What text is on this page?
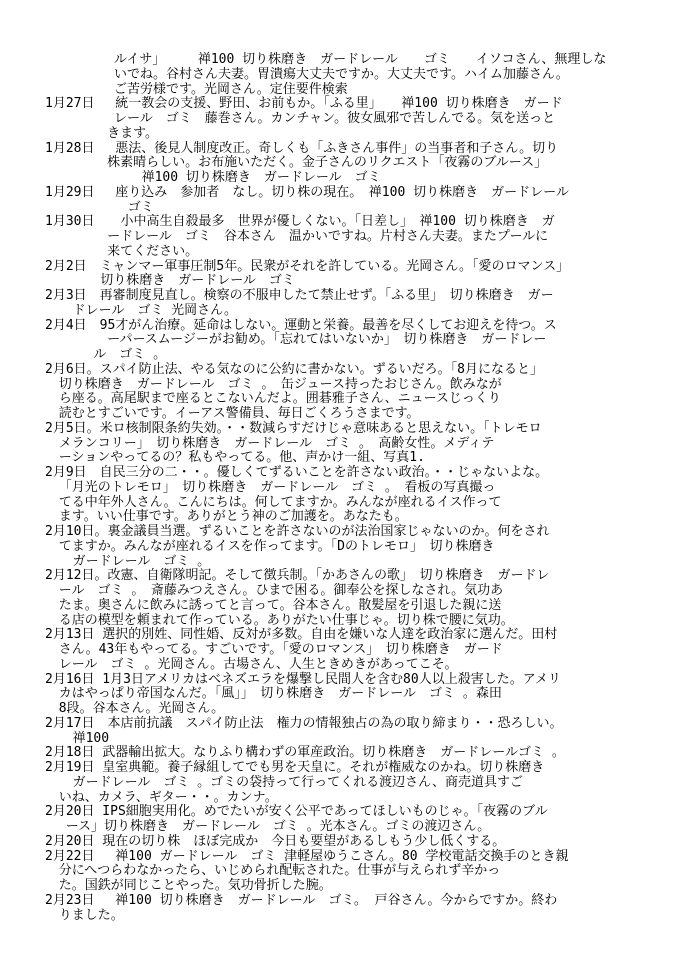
ルイサ」　　　禅100 切り株磨き　ガードレール　　ゴミ　　イソコさん、無理しな
いでね。谷村さん夫妻。胃潰瘍大丈夫ですか。大丈夫です。ハイム加藤さん。
ご苦労様です。光岡さん。定住要件検索
1月27日　 統一教会の支援、野田、お前もか。「ふる里」　　禅100 切り株磨き　ガード
レール　ゴミ　藤巻さん。カンチャン。彼女風邪で苦しんでる。気を送っと
きます。
1月28日　 悪法、後見人制度改正。奇しくも「ふきさん事件」の当事者和子さん。切り
株素晴らしい。お布施いただく。金子さんのリクエスト「夜霧のブルース」
禅100 切り株磨き　ガードレール　ゴミ
1月29日　 座り込み　参加者　なし。切り株の現在。　禅100 切り株磨き　ガードレール
ゴミ
1月30日　　小中高生自殺最多　世界が優しくない。「日差し」　禅100 切り株磨き　ガ
ードレール　ゴミ　谷本さん　温かいですね。片村さん夫妻。またプールに
来てください。
2月2日　ミャンマー軍事圧制5年。民衆がそれを許している。光岡さん。「愛のロマンス」
切り株磨き　ガードレール　ゴミ
2月3日　再審制度見直し。検察の不服申したて禁止せず。「ふる里」　切り株磨き　ガー
ドレール　ゴミ 光岡さん。
2月4日　95才がん治療。延命はしない。運動と栄養。最善を尽くしてお迎えを待つ。ス
ーパースムージーがお勧め。「忘れてはいないか」　切り株磨き　ガードレー
ル　ゴミ 。
2月6日。スパイ防止法、やる気なのに公約に書かない。ずるいだろ。「8月になると」
切り株磨き　ガードレール　ゴミ 。　缶ジュース持ったおじさん。飲みなが
ら座る。高尾駅まで座るとこないんだよ。囲碁雅子さん、ニュースじっくり
読むとすごいです。イーアス警備員、毎日ごくろうさまです。
2月5日。米ロ核制限条約失効。・・数減らすだけじゃ意味あると思えない。「トレモロ
メランコリー」　切り株磨き　ガードレール　ゴミ 。　高齢女性。メディテ
ーションやってるの？私もやってる。他、声かけ一組、写真1.
2月9日　自民三分の二・・。優しくてずるいことを許さない政治。・・じゃないよな。
「月光のトレモロ」　切り株磨き　ガードレール　ゴミ 。　看板の写真撮っ
てる中年外人さん。こんにちは。何してますか。みんなが座れるイス作って
ます。いい仕事です。ありがとう神のご加護を。あなたも。
2月10日。裏金議員当選。ずるいことを許さないのが法治国家じゃないのか。何をされ
てますか。みんなが座れるイスを作ってます。「Dのトレモロ」　切り株磨き
ガードレール　ゴミ 。
2月12日。改憲、自衛隊明記。そして徴兵制。「かあさんの歌」　切り株磨き　ガードレ
ール　ゴミ 。　斎藤みつえさん。ひまで困る。御奉公を探しなされ。気功あ
たま。奥さんに飲みに誘ってと言って。谷本さん。散髪屋を引退した親に送
る店の模型を頼まれて作っている。ありがたい仕事じゃ。切り株で腰に気功。
2月13日 選択的別姓、同性婚、反対が多数。自由を嫌いな人達を政治家に選んだ。田村
さん。43年もやってる。すごいです。「愛のロマンス」　切り株磨き　ガード
レール　ゴミ 。光岡さん。古場さん、人生ときめきがあってこそ。
2月16日 1月3日アメリカはベネズエラを爆撃し民間人を含む80人以上殺害した。アメリ
カはやっぱり帝国なんだ。「風」」　切り株磨き　ガードレール　ゴミ 。森田
8段。谷本さん。光岡さん。
2月17日　本店前抗議　スパイ防止法　権力の情報独占の為の取り締まり・・恐ろしい。
禅100
2月18日 武器輸出拡大。なりふり構わずの軍産政治。切り株磨き　ガードレールゴミ 。
2月19日 皇室典範。養子縁組してでも男を天皇に。それが権威なのかね。切り株磨き
ガードレール　ゴミ 。ゴミの袋持って行ってくれる渡辺さん、商売道具すご
いね、カメラ、ギター・・。カンナ。
2月20日 IPS細胞実用化。めでたいが安く公平であってほしいものじゃ。「夜霧のブル
ース」切り株磨き　ガードレール　ゴミ 。光本さん。ゴミの渡辺さん。
2月20日 現在の切り株　ほぼ完成か　今日も要望があるしもう少し低くする。
2月22日　 禅100 ガードレール　ゴミ 津軽屋ゆうこさん。80 学校電話交換手のとき親
分にへつらわなかったら、いじめられ配転された。仕事が与えられず辛かっ
た。国鉄が同じことやった。気功骨折した腕。
2月23日　 禅100 切り株磨き　ガードレール　ゴミ。 戸谷さん。今からですか。終わ
りました。
